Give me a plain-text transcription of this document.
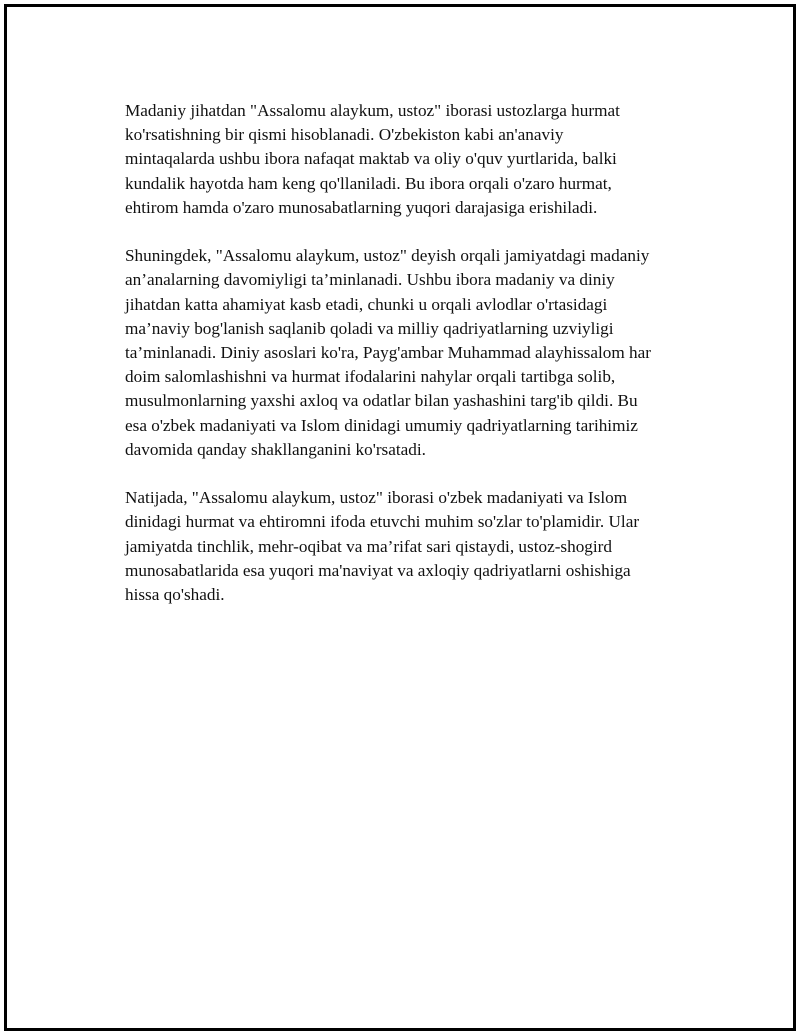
Madaniy jihatdan "Assalomu alaykum, ustoz" iborasi ustozlarga hurmat
ko'rsatishning bir qismi hisoblanadi. O'zbekiston kabi an'anaviy
mintaqalarda ushbu ibora nafaqat maktab va oliy o'quv yurtlarida, balki
kundalik hayotda ham keng qo'llaniladi. Bu ibora orqali o'zaro hurmat,
ehtirom hamda o'zaro munosabatlarning yuqori darajasiga erishiladi.

Shuningdek, "Assalomu alaykum, ustoz" deyish orqali jamiyatdagi madaniy
an’analarning davomiyligi ta’minlanadi. Ushbu ibora madaniy va diniy
jihatdan katta ahamiyat kasb etadi, chunki u orqali avlodlar o'rtasidagi
ma’naviy bog'lanish saqlanib qoladi va milliy qadriyatlarning uzviyligi
ta’minlanadi. Diniy asoslari ko'ra, Payg'ambar Muhammad alayhissalom har
doim salomlashishni va hurmat ifodalarini nahylar orqali tartibga solib,
musulmonlarning yaxshi axloq va odatlar bilan yashashini targ'ib qildi. Bu
esa o'zbek madaniyati va Islom dinidagi umumiy qadriyatlarning tarihimiz
davomida qanday shakllanganini ko'rsatadi.

Natijada, "Assalomu alaykum, ustoz" iborasi o'zbek madaniyati va Islom
dinidagi hurmat va ehtiromni ifoda etuvchi muhim so'zlar to'plamidir. Ular
jamiyatda tinchlik, mehr-oqibat va ma’rifat sari qistaydi, ustoz-shogird
munosabatlarida esa yuqori ma'naviyat va axloqiy qadriyatlarni oshishiga
hissa qo'shadi.
